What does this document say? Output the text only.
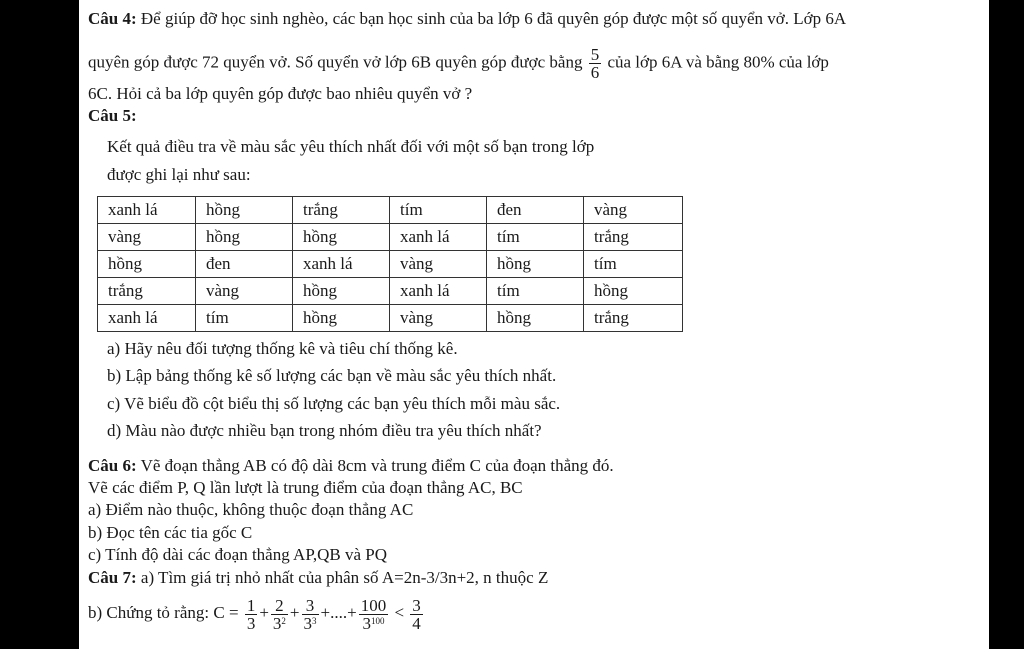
Câu 4: Để giúp đỡ học sinh nghèo, các bạn học sinh của ba lớp 6 đã quyên góp được một số quyển vở. Lớp 6A
quyên góp được 72 quyển vở. Số quyển vở lớp 6B quyên góp được bằng $\frac{5}{6}$ của lớp 6A và bằng 80% của lớp
6C. Hỏi cả ba lớp quyên góp được bao nhiêu quyển vở ?
Câu 5:
Kết quả điều tra về màu sắc yêu thích nhất đối với một số bạn trong lớp
được ghi lại như sau:
xanh lá	hồng	trắng	tím	đen	vàng
vàng	hồng	hồng	xanh lá	tím	trắng
hồng	đen	xanh lá	vàng	hồng	tím
trắng	vàng	hồng	xanh lá	tím	hồng
xanh lá	tím	hồng	vàng	hồng	trắng
a) Hãy nêu đối tượng thống kê và tiêu chí thống kê.
b) Lập bảng thống kê số lượng các bạn về màu sắc yêu thích nhất.
c) Vẽ biểu đồ cột biểu thị số lượng các bạn yêu thích mỗi màu sắc.
d) Màu nào được nhiều bạn trong nhóm điều tra yêu thích nhất?
Câu 6: Vẽ đoạn thẳng AB có độ dài 8cm và trung điểm C của đoạn thẳng đó.
Vẽ các điểm P, Q lần lượt là trung điểm của đoạn thẳng AC, BC
a) Điểm nào thuộc, không thuộc đoạn thẳng AC
b) Đọc tên các tia gốc C
c) Tính độ dài các đoạn thẳng AP,QB và PQ
Câu 7: a) Tìm giá trị nhỏ nhất của phân số A=2n-3/3n+2, n thuộc Z
b) Chứng tỏ rằng: $C = \frac{1}{3} + \frac{2}{3^2} + \frac{3}{3^3}$ +....+ $\frac{100}{3^{100}} < \frac{3}{4}$
